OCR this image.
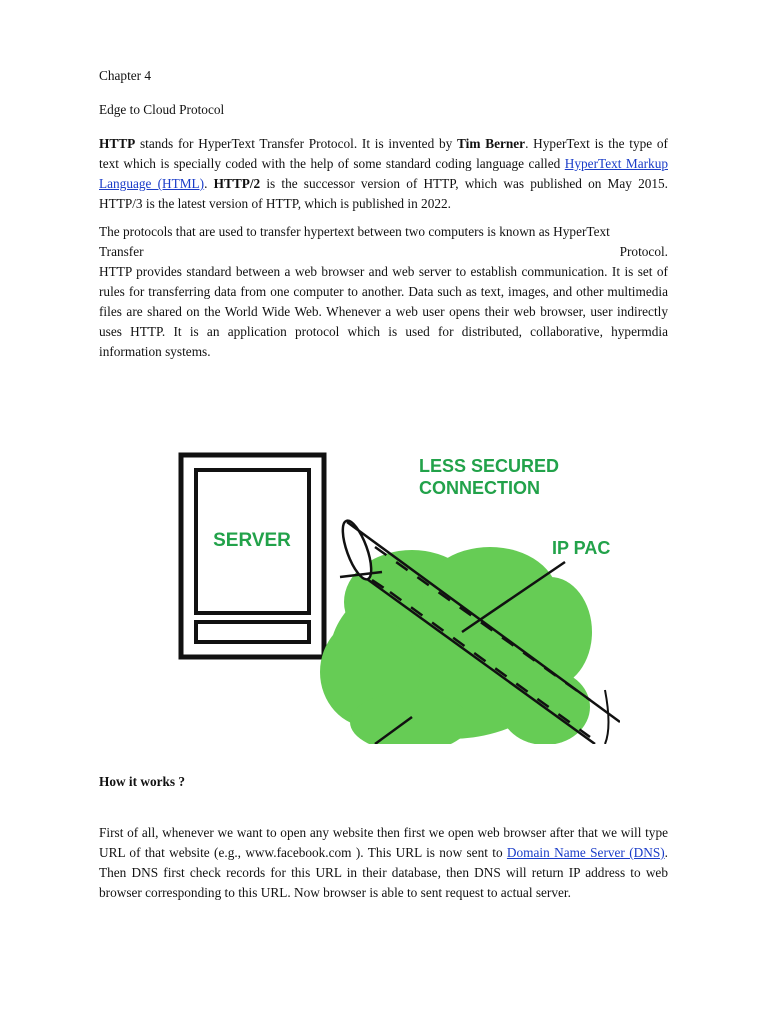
Chapter 4

Edge to Cloud Protocol

HTTP stands for HyperText Transfer Protocol. It is invented by Tim Berner. HyperText is the type of text which is specially coded with the help of some standard coding language called HyperText Markup Language (HTML). HTTP/2 is the successor version of HTTP, which was published on May 2015. HTTP/3 is the latest version of HTTP, which is published in 2022.

The protocols that are used to transfer hypertext between two computers is known as HyperText
Transfer	Protocol.

HTTP provides standard between a web browser and web server to establish communication. It is set of rules for transferring data from one computer to another. Data such as text, images, and other multimedia files are shared on the World Wide Web. Whenever a web user opens their web browser, user indirectly uses HTTP. It is an application protocol which is used for distributed, collaborative, hypermdia information systems.

SERVER
LESS SECURED
CONNECTION
IP PAC

How it works ?

First of all, whenever we want to open any website then first we open web browser after that we will type URL of that website (e.g., www.facebook.com ). This URL is now sent to Domain Name Server (DNS). Then DNS first check records for this URL in their database, then DNS will return IP address to web browser corresponding to this URL. Now browser is able to sent request to actual server.
